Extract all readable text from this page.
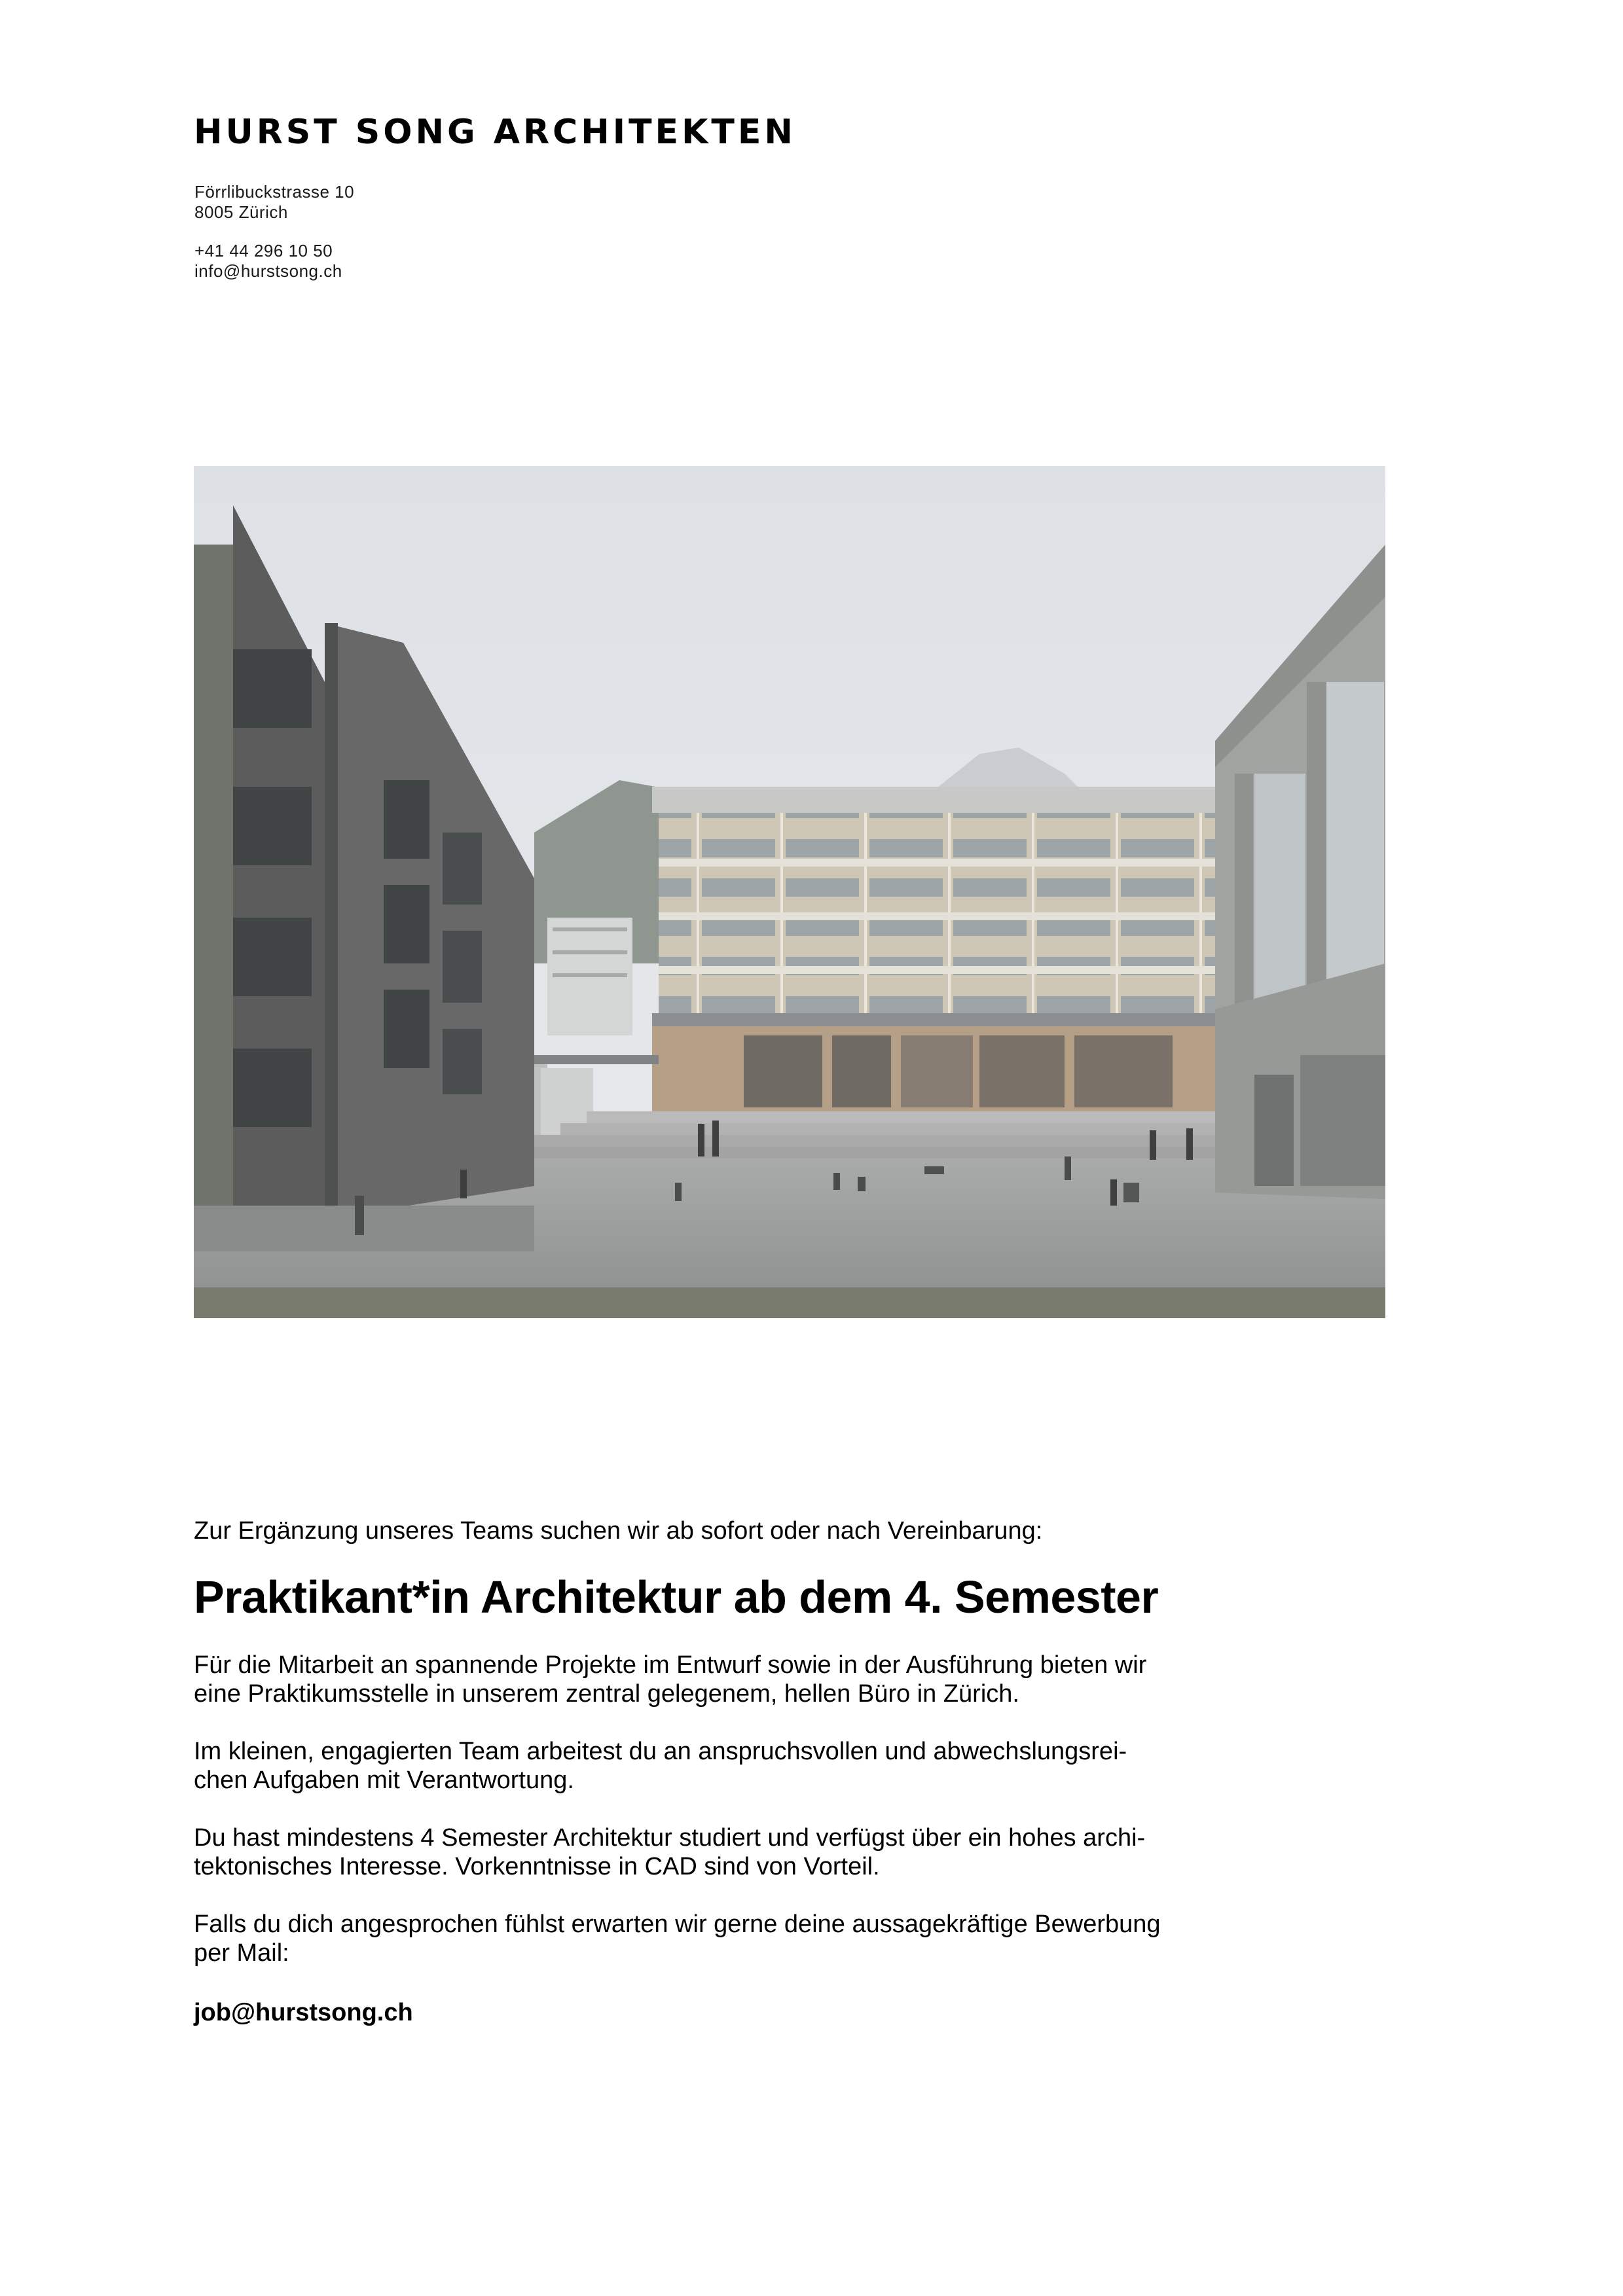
HURST SONG ARCHITEKTEN
Förrlibuckstrasse 10
8005 Zürich
+41 44 296 10 50
info@hurstsong.ch
Zur Ergänzung unseres Teams suchen wir ab sofort oder nach Vereinbarung:
Praktikant*in Architektur ab dem 4. Semester
Für die Mitarbeit an spannende Projekte im Entwurf sowie in der Ausführung bieten wir
eine Praktikumsstelle in unserem zentral gelegenem, hellen Büro in Zürich.
Im kleinen, engagierten Team arbeitest du an anspruchsvollen und abwechslungsrei-
chen Aufgaben mit Verantwortung.
Du hast mindestens 4 Semester Architektur studiert und verfügst über ein hohes archi-
tektonisches Interesse. Vorkenntnisse in CAD sind von Vorteil.
Falls du dich angesprochen fühlst erwarten wir gerne deine aussagekräftige Bewerbung
per Mail:
job@hurstsong.ch
